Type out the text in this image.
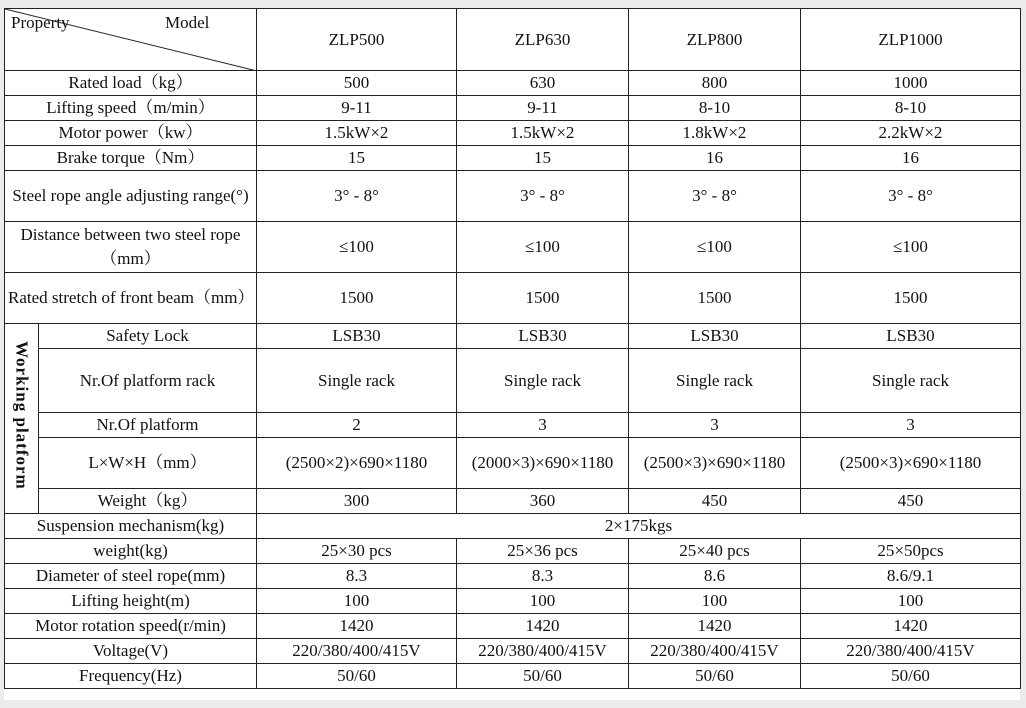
Property Model		ZLP500	ZLP630	ZLP800	ZLP1000
Rated load（kg）		500	630	800	1000
Lifting speed（m/min）		9-11	9-11	8-10	8-10
Motor power（kw）		1.5kW×2	1.5kW×2	1.8kW×2	2.2kW×2
Brake torque（Nm）		15	15	16	16
Steel rope angle adjusting range(°)		3° - 8°	3° - 8°	3° - 8°	3° - 8°
Distance between two steel rope（mm）		≤100	≤100	≤100	≤100
Rated stretch of front beam（mm）		1500	1500	1500	1500
Working platform	Safety Lock	LSB30	LSB30	LSB30	LSB30
	Nr.Of platform rack	Single rack	Single rack	Single rack	Single rack
	Nr.Of platform	2	3	3	3
	L×W×H（mm）	(2500×2)×690×1180	(2000×3)×690×1180	(2500×3)×690×1180	(2500×3)×690×1180
	Weight（kg）	300	360	450	450
Suspension mechanism(kg)		2×175kgs			
weight(kg)		25×30 pcs	25×36 pcs	25×40 pcs	25×50pcs
Diameter of steel rope(mm)		8.3	8.3	8.6	8.6/9.1
Lifting height(m)		100	100	100	100
Motor rotation speed(r/min)		1420	1420	1420	1420
Voltage(V)		220/380/400/415V	220/380/400/415V	220/380/400/415V	220/380/400/415V
Frequency(Hz)		50/60	50/60	50/60	50/60
